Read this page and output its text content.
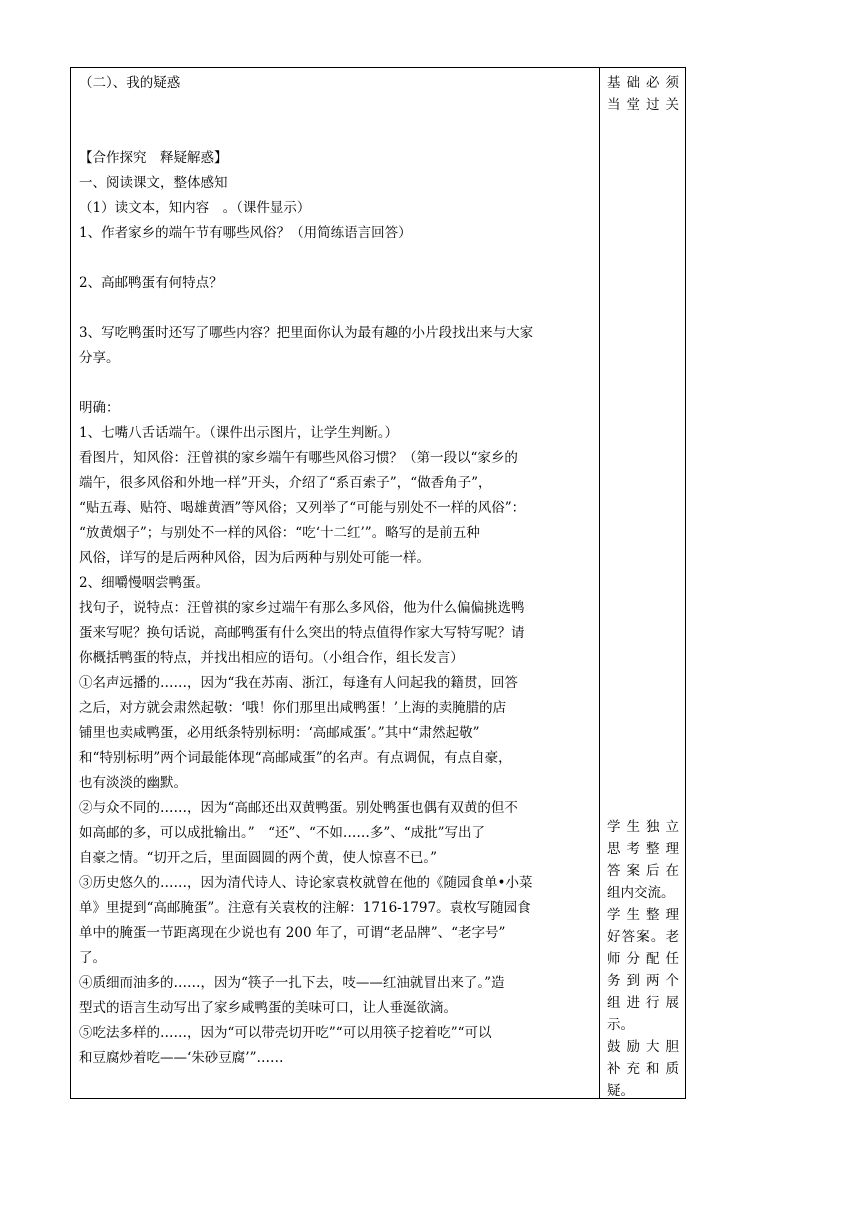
（二）、我的疑惑
【合作探究　释疑解惑】
一、阅读课文，整体感知
（1）读文本，知内容　。（课件显示）
1、作者家乡的端午节有哪些风俗？（用简练语言回答）
2、高邮鸭蛋有何特点？
3、写吃鸭蛋时还写了哪些内容？把里面你认为最有趣的小片段找出来与大家
分享。
明确：
1、七嘴八舌话端午。（课件出示图片，让学生判断。）
看图片，知风俗：汪曾祺的家乡端午有哪些风俗习惯？（第一段以“家乡的
端午，很多风俗和外地一样”开头，介绍了“系百索子”，“做香角子”，
“贴五毒、贴符、喝雄黄酒”等风俗；又列举了“可能与别处不一样的风俗”：
“放黄烟子”；与别处不一样的风俗：“吃‘十二红’”。略写的是前五种
风俗，详写的是后两种风俗，因为后两种与别处可能一样。
2、细嚼慢咽尝鸭蛋。
找句子，说特点：汪曾祺的家乡过端午有那么多风俗，他为什么偏偏挑选鸭
蛋来写呢？换句话说，高邮鸭蛋有什么突出的特点值得作家大写特写呢？请
你概括鸭蛋的特点，并找出相应的语句。（小组合作，组长发言）
①名声远播的……，因为“我在苏南、浙江，每逢有人问起我的籍贯，回答
之后，对方就会肃然起敬：‘哦！你们那里出咸鸭蛋！’上海的卖腌腊的店
铺里也卖咸鸭蛋，必用纸条特别标明：‘高邮咸蛋’。”其中“肃然起敬”
和“特别标明”两个词最能体现“高邮咸蛋”的名声。有点调侃，有点自豪，
也有淡淡的幽默。
②与众不同的……，因为“高邮还出双黄鸭蛋。别处鸭蛋也偶有双黄的但不
如高邮的多，可以成批输出。”　“还”、“不如……多”、“成批”写出了
自豪之情。“切开之后，里面圆圆的两个黄，使人惊喜不已。”
③历史悠久的……，因为清代诗人、诗论家袁枚就曾在他的《随园食单•小菜
单》里提到“高邮腌蛋”。注意有关袁枚的注解：1716-1797。袁枚写随园食
单中的腌蛋一节距离现在少说也有 200 年了，可谓“老品牌”、“老字号”
了。
④质细而油多的……，因为“筷子一扎下去，吱——红油就冒出来了。”造
型式的语言生动写出了家乡咸鸭蛋的美味可口，让人垂涎欲滴。
⑤吃法多样的……，因为“可以带壳切开吃”“可以用筷子挖着吃”“可以
和豆腐炒着吃——‘朱砂豆腐’”……
基 础 必 须
当 堂 过 关
学 生 独 立
思 考 整 理
答 案 后 在
组内交流。
学 生 整 理
好 答 案 。 老
师 分 配 任
务 到 两 个
组 进 行 展
示。
鼓 励 大 胆
补 充 和 质
疑。
